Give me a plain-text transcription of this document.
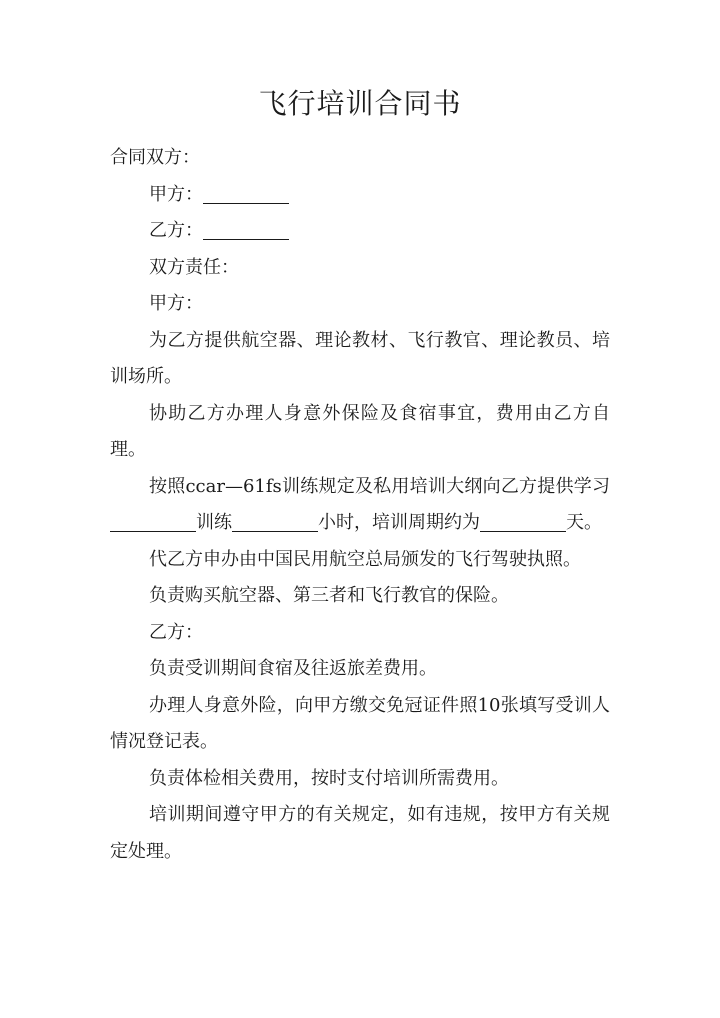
飞行培训合同书

合同双方：

甲方：

乙方：

双方责任：

甲方：

为乙方提供航空器、理论教材、飞行教官、理论教员、培训场所。

协助乙方办理人身意外保险及食宿事宜，费用由乙方自理。

按照ccar—61fs训练规定及私用培训大纲向乙方提供学习训练	小时，培训周期约为	天。

代乙方申办由中国民用航空总局颁发的飞行驾驶执照。

负责购买航空器、第三者和飞行教官的保险。

乙方：

负责受训期间食宿及往返旅差费用。

办理人身意外险，向甲方缴交免冠证件照10张填写受训人情况登记表。

负责体检相关费用，按时支付培训所需费用。

培训期间遵守甲方的有关规定，如有违规，按甲方有关规定处理。
